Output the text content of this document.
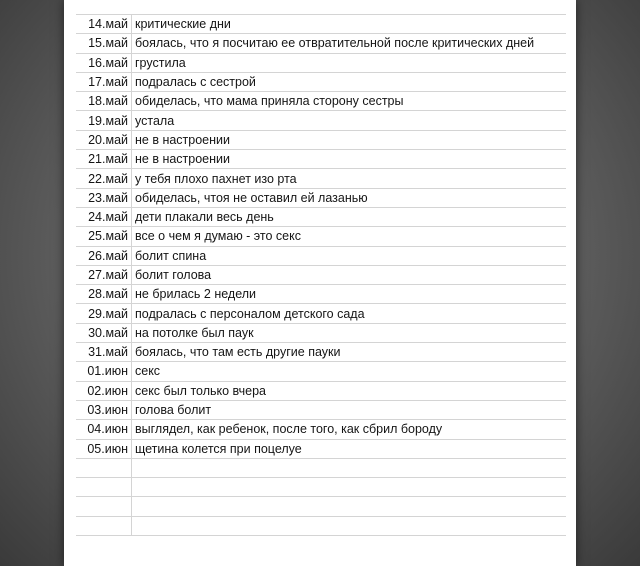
14.май критические дни
15.май боялась, что я посчитаю ее отвратительной после критических дней
16.май грустила
17.май подралась с сестрой
18.май обиделась, что мама приняла сторону сестры
19.май устала
20.май не в настроении
21.май не в настроении
22.май у тебя плохо пахнет изо рта
23.май обиделась, чтоя не оставил ей лазанью
24.май дети плакали весь день
25.май все о чем я думаю - это секс
26.май болит спина
27.май болит голова
28.май не брилась 2 недели
29.май подралась с персоналом детского сада
30.май на потолке был паук
31.май боялась, что там есть другие пауки
01.июн секс
02.июн секс был только вчера
03.июн голова болит
04.июн выглядел, как ребенок, после того, как сбрил бороду
05.июн щетина колется при поцелуе
